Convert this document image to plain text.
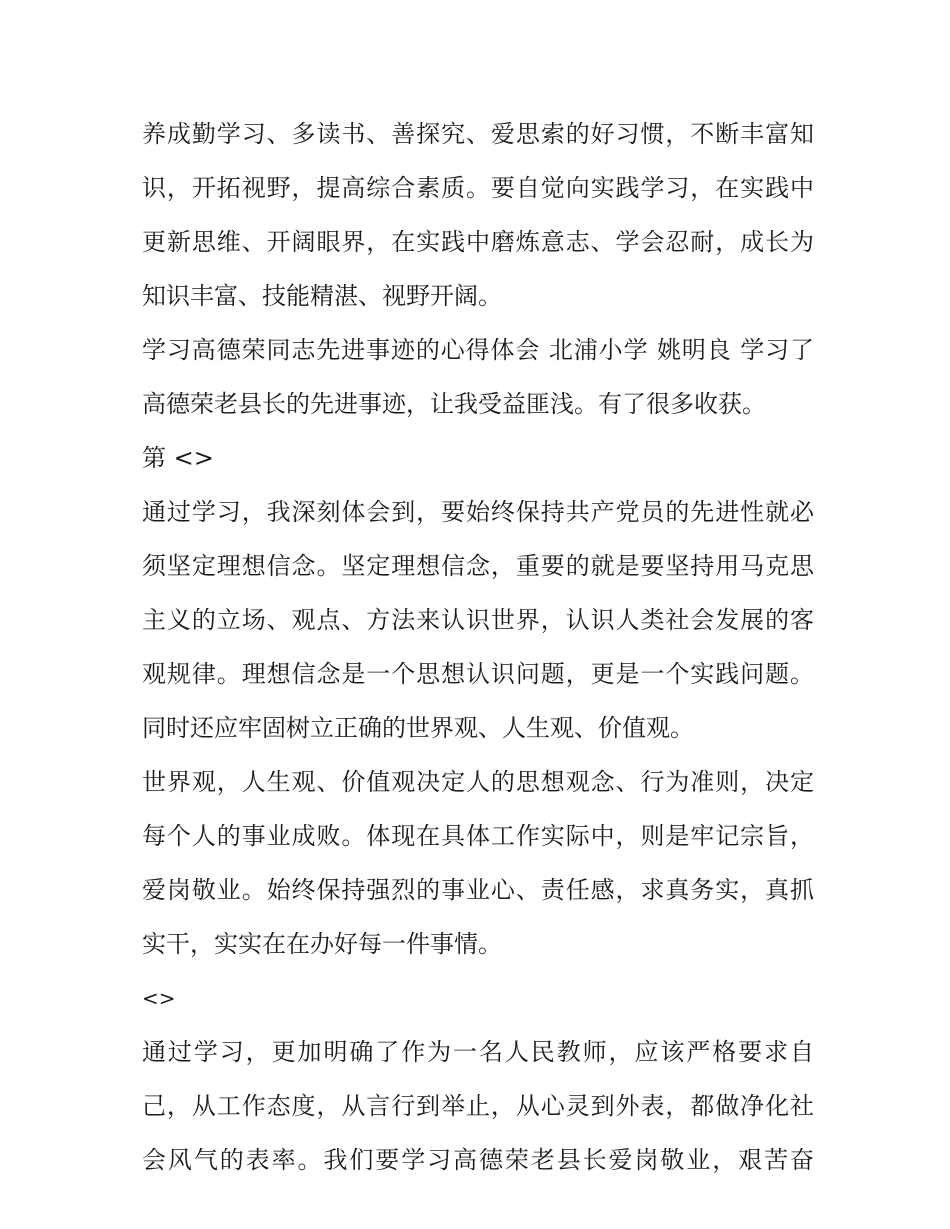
养成勤学习、多读书、善探究、爱思索的好习惯，不断丰富知
识，开拓视野，提高综合素质。要自觉向实践学习，在实践中
更新思维、开阔眼界，在实践中磨炼意志、学会忍耐，成长为
知识丰富、技能精湛、视野开阔。
学习高德荣同志先进事迹的心得体会 北浦小学 姚明良 学习了
高德荣老县长的先进事迹，让我受益匪浅。有了很多收获。
第 <>
通过学习，我深刻体会到，要始终保持共产党员的先进性就必
须坚定理想信念。坚定理想信念，重要的就是要坚持用马克思
主义的立场、观点、方法来认识世界，认识人类社会发展的客
观规律。理想信念是一个思想认识问题，更是一个实践问题。
同时还应牢固树立正确的世界观、人生观、价值观。
世界观，人生观、价值观决定人的思想观念、行为准则，决定
每个人的事业成败。体现在具体工作实际中，则是牢记宗旨，
爱岗敬业。始终保持强烈的事业心、责任感，求真务实，真抓
实干，实实在在办好每一件事情。
<>
通过学习，更加明确了作为一名人民教师，应该严格要求自
己，从工作态度，从言行到举止，从心灵到外表，都做净化社
会风气的表率。我们要学习高德荣老县长爱岗敬业，艰苦奋
